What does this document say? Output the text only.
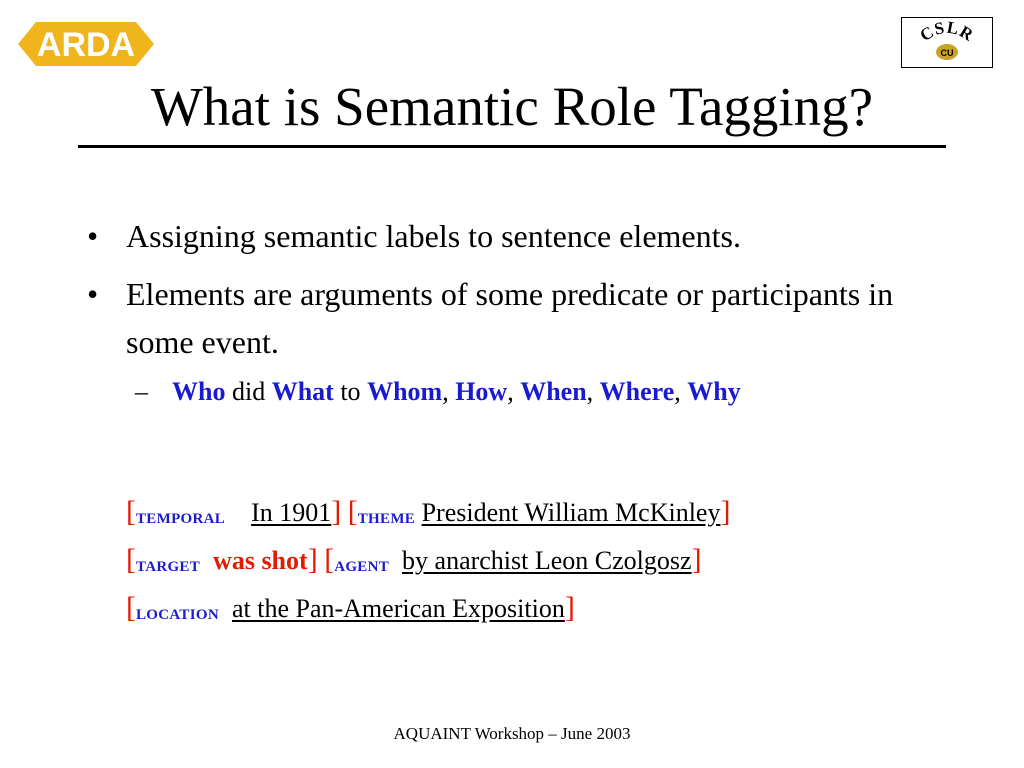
ARDA	CSLR
CU
What is Semantic Role Tagging?
• Assigning semantic labels to sentence elements.
• Elements are arguments of some predicate or participants in some event.
– Who did What to Whom, How, When, Where, Why
[TEMPORAL In 1901] [THEME President William McKinley]
[TARGET was shot] [AGENT by anarchist Leon Czolgosz]
[LOCATION at the Pan-American Exposition]
AQUAINT Workshop – June 2003
